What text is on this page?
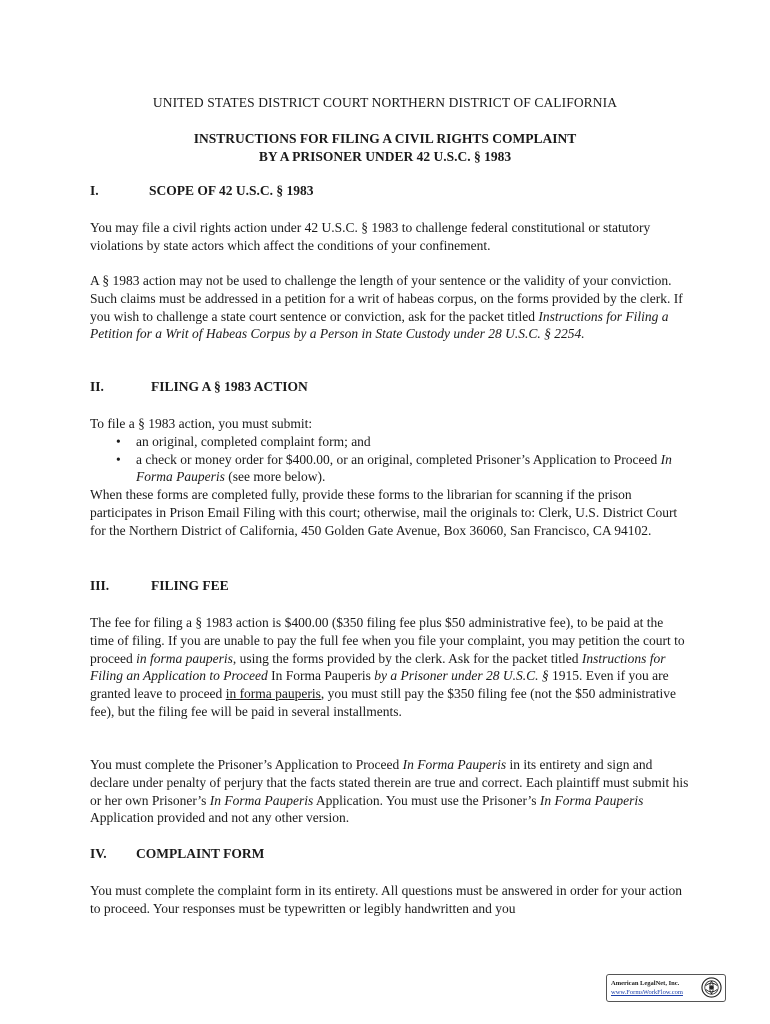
UNITED STATES DISTRICT COURT NORTHERN DISTRICT OF CALIFORNIA
INSTRUCTIONS FOR FILING A CIVIL RIGHTS COMPLAINT
BY A PRISONER UNDER 42 U.S.C. § 1983
I.	SCOPE OF 42 U.S.C. § 1983

You may file a civil rights action under 42 U.S.C. § 1983 to challenge federal constitutional or statutory violations by state actors which affect the conditions of your confinement.

A § 1983 action may not be used to challenge the length of your sentence or the validity of your conviction. Such claims must be addressed in a petition for a writ of habeas corpus, on the forms provided by the clerk. If you wish to challenge a state court sentence or conviction, ask for the packet titled Instructions for Filing a Petition for a Writ of Habeas Corpus by a Person in State Custody under 28 U.S.C. § 2254.

II.	FILING A § 1983 ACTION

To file a § 1983 action, you must submit:

• an original, completed complaint form; and
• a check or money order for $400.00, or an original, completed Prisoner’s Application to Proceed In Forma Pauperis (see more below).

When these forms are completed fully, provide these forms to the librarian for scanning if the prison participates in Prison Email Filing with this court; otherwise, mail the originals to: Clerk, U.S. District Court for the Northern District of California, 450 Golden Gate Avenue, Box 36060, San Francisco, CA 94102.

III.	FILING FEE

The fee for filing a § 1983 action is $400.00 ($350 filing fee plus $50 administrative fee), to be paid at the time of filing. If you are unable to pay the full fee when you file your complaint, you may petition the court to proceed in forma pauperis, using the forms provided by the clerk. Ask for the packet titled Instructions for Filing an Application to Proceed In Forma Pauperis by a Prisoner under 28 U.S.C. § 1915. Even if you are granted leave to proceed in forma pauperis, you must still pay the $350 filing fee (not the $50 administrative fee), but the filing fee will be paid in several installments.

You must complete the Prisoner’s Application to Proceed In Forma Pauperis in its entirety and sign and declare under penalty of perjury that the facts stated therein are true and correct. Each plaintiff must submit his or her own Prisoner’s In Forma Pauperis Application. You must use the Prisoner’s In Forma Pauperis Application provided and not any other version.

IV. COMPLAINT FORM

You must complete the complaint form in its entirety. All questions must be answered in order for your action to proceed. Your responses must be typewritten or legibly handwritten and you

American LegalNet, Inc.
www.FormsWorkFlow.com
